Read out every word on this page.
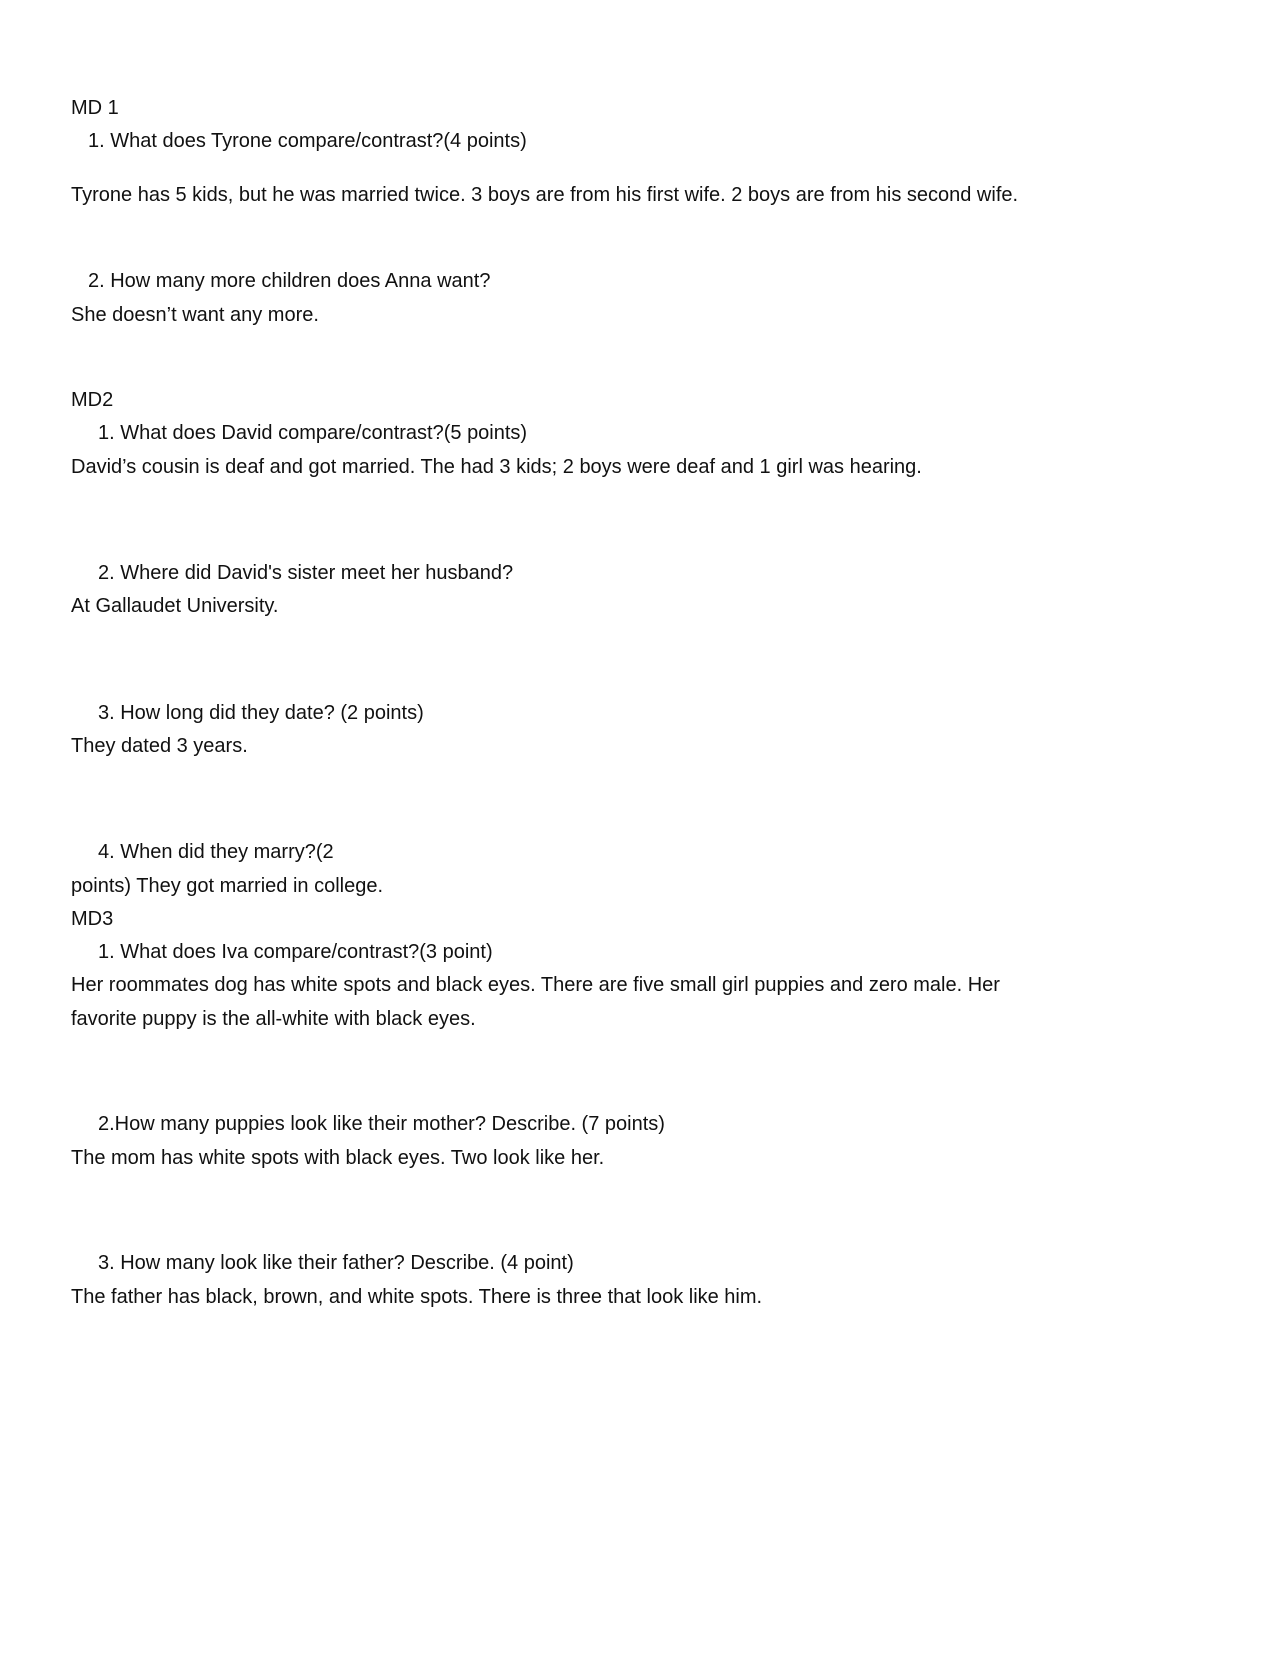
MD 1
1. What does Tyrone compare/contrast?(4 points)
Tyrone has 5 kids, but he was married twice. 3 boys are from his first wife. 2 boys are from his second wife.
2. How many more children does Anna want?
She doesn’t want any more.
MD2
1. What does David compare/contrast?(5 points)
David’s cousin is deaf and got married. The had 3 kids; 2 boys were deaf and 1 girl was hearing.
2. Where did David's sister meet her husband?
At Gallaudet University.
3. How long did they date? (2 points)
They dated 3 years.
4. When did they marry?(2
points) They got married in college.
MD3
1. What does Iva compare/contrast?(3 point)
Her roommates dog has white spots and black eyes. There are five small girl puppies and zero male. Her
favorite puppy is the all-white with black eyes.
2.How many puppies look like their mother? Describe. (7 points)
The mom has white spots with black eyes. Two look like her.
3. How many look like their father? Describe. (4 point)
The father has black, brown, and white spots. There is three that look like him.
